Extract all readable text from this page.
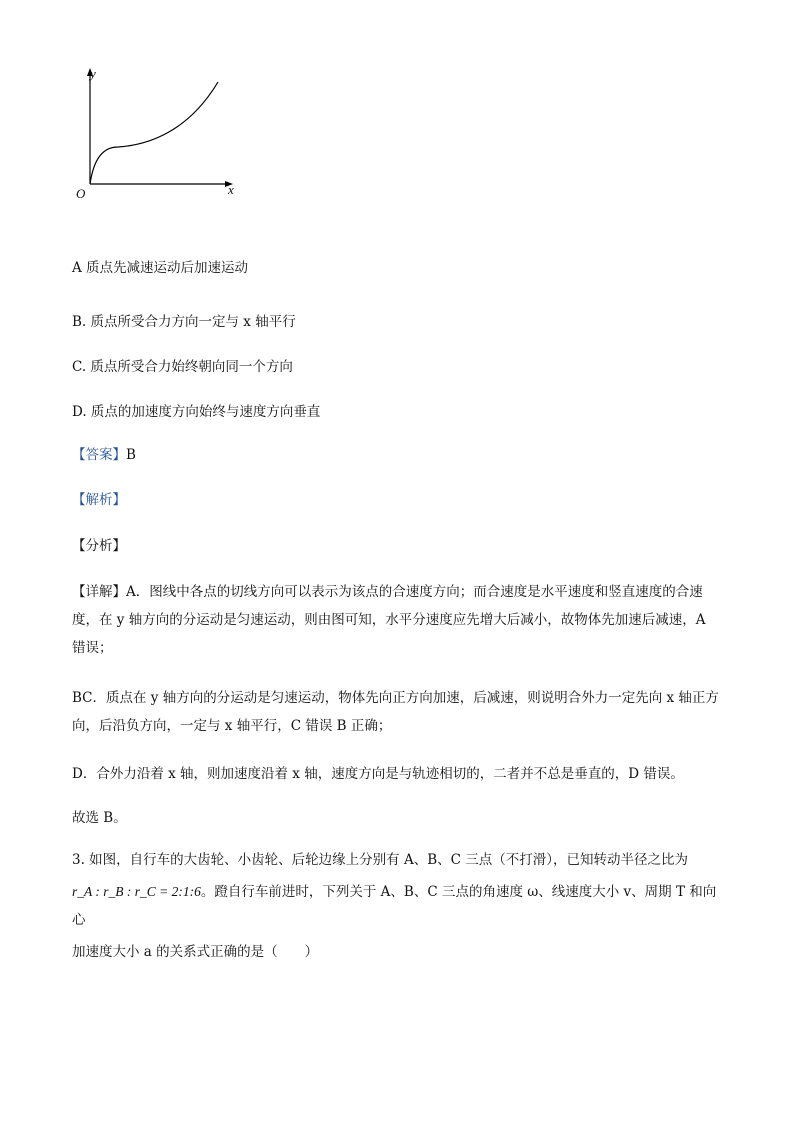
y
x
O
A 质点先减速运动后加速运动
B. 质点所受合力方向一定与 x 轴平行
C. 质点所受合力始终朝向同一个方向
D. 质点的加速度方向始终与速度方向垂直
【答案】B
【解析】
【分析】
【详解】A．图线中各点的切线方向可以表示为该点的合速度方向；而合速度是水平速度和竖直速度的合速度，在 y 轴方向的分运动是匀速运动，则由图可知，水平分速度应先增大后减小，故物体先加速后减速，A 错误；
BC．质点在 y 轴方向的分运动是匀速运动，物体先向正方向加速，后减速，则说明合外力一定先向 x 轴正方向，后沿负方向，一定与 x 轴平行，C 错误 B 正确；
D．合外力沿着 x 轴，则加速度沿着 x 轴，速度方向是与轨迹相切的，二者并不总是垂直的，D 错误。
故选 B。
3. 如图，自行车的大齿轮、小齿轮、后轮边缘上分别有 A、B、C 三点（不打滑），已知转动半径之比为
r_A : r_B : r_C = 2:1:6。蹬自行车前进时，下列关于 A、B、C 三点的角速度 ω、线速度大小 v、周期 T 和向心
加速度大小 a 的关系式正确的是（　　）
